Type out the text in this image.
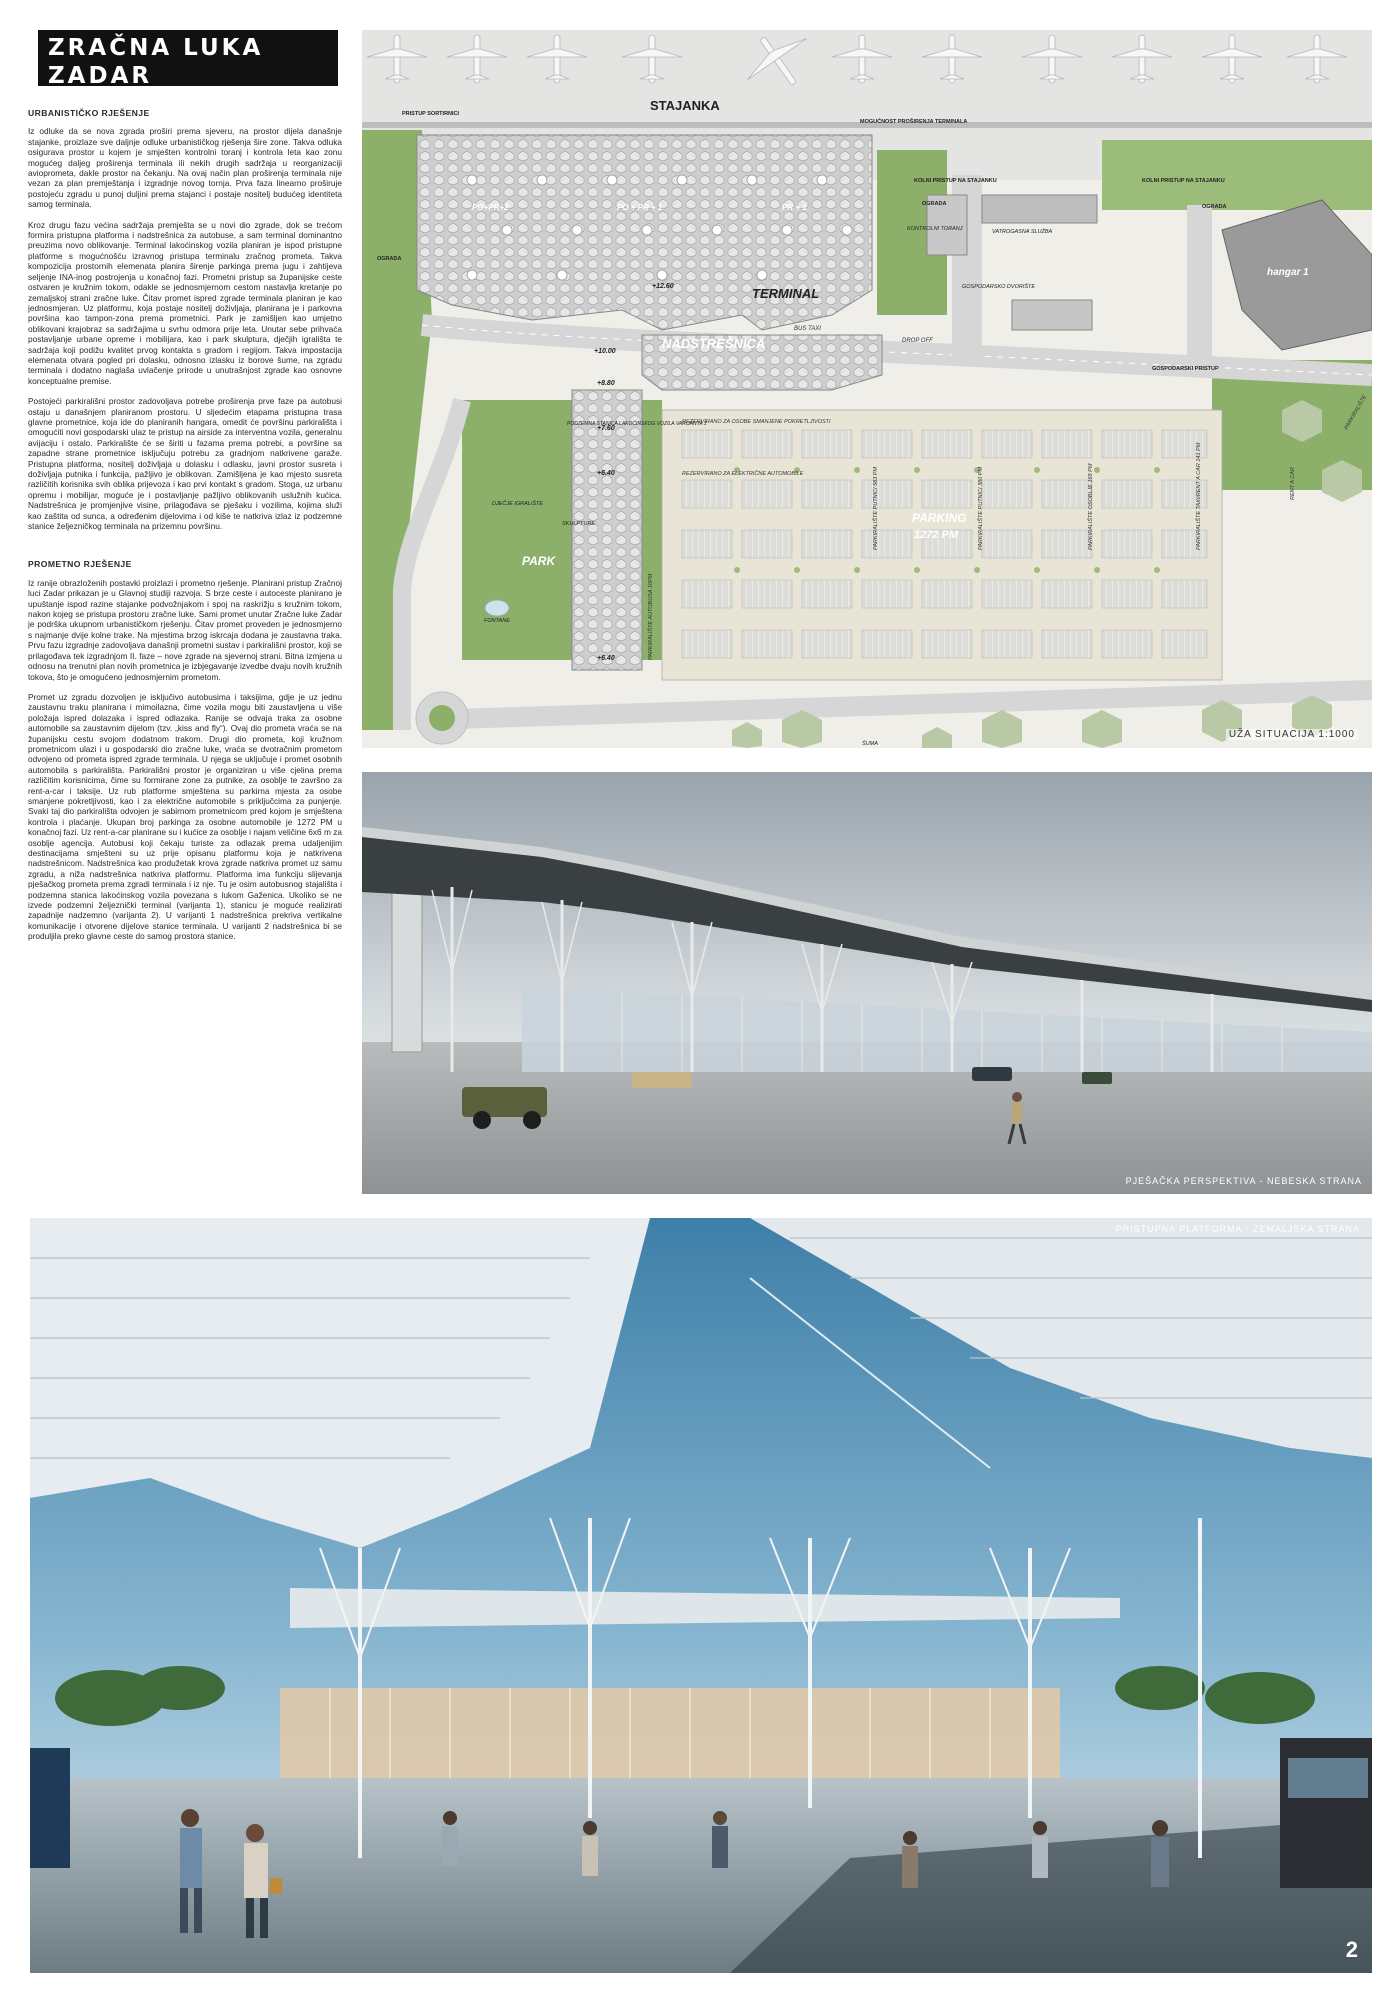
ZRAČNA LUKA ZADAR
KONAČNO RJEŠENJE
URBANISTIČKO RJEŠENJE

Iz odluke da se nova zgrada proširi prema sjeveru, na prostor dijela današnje stajanke, proizlaze sve daljnje odluke urbanističkog rješenja šire zone. Takva odluka osigurava prostor u kojem je smješten kontrolni toranj i kontrola leta kao zonu mogućeg daljeg proširenja terminala ili nekih drugih sadržaja u reorganizaciji avioprometa, dakle prostor na čekanju. Na ovaj način plan proširenja terminala nije vezan za plan premještanja i izgradnje novog tornja. Prva faza linearno proširuje postojeću zgradu u punoj duljini prema stajanci i postaje nositelj budućeg identiteta samog terminala.

Kroz drugu fazu većina sadržaja premješta se u novi dio zgrade, dok se trećom formira pristupna platforma i nadstrešnica za autobuse, a sam terminal dominantno preuzima novo oblikovanje. Terminal lakoćinskog vozila planiran je ispod pristupne platforme s mogućnošću izravnog pristupa terminalu zračnog prometa. Takva kompozicija prostornih elemenata planira širenje parkinga prema jugu i zahtijeva seljenje INA-inog postrojenja u konačnoj fazi. Prometni pristup sa županijske ceste ostvaren je kružnim tokom, odakle se jednosmjernom cestom nastavlja kretanje po zemaljskoj strani zračne luke. Čitav promet ispred zgrade terminala planiran je kao jednosmjeran. Uz platformu, koja postaje nositelj doživljaja, planirana je i parkovna površina kao tampon-zona prema prometnici. Park je zamišljen kao umjetno oblikovani krajobraz sa sadržajima u svrhu odmora prije leta. Unutar sebe prihvaća postavljanje urbane opreme i mobilijara, kao i park skulptura, dječjih igrališta te sadržaja koji podižu kvalitet prvog kontakta s gradom i regijom. Takva impostacija elemenata otvara pogled pri dolasku, odnosno izlasku iz borove šume, na zgradu terminala i dodatno naglaša uvlačenje prirode u unutrašnjost zgrade kao osnovne konceptualne premise.

Postojeći parkirališni prostor zadovoljava potrebe proširenja prve faze pa autobusi ostaju u današnjem planiranom prostoru. U sljedećim etapama pristupna trasa glavne prometnice, koja ide do planiranih hangara, omedit će površinu parkirališta i omogućiti novi gospodarski ulaz te pristup na airside za interventna vozila, generalnu avijaciju i ostalo. Parkiralište će se širiti u fazama prema potrebi, a površine sa zapadne strane prometnice isključuju potrebu za gradnjom natkrivene garaže. Pristupna platforma, nositelj doživljaja u dolasku i odlasku, javni prostor susreta i doživljaja putnika i funkcija, pažljivo je oblikovan. Zamišljena je kao mjesto susreta različitih korisnika svih oblika prijevoza i kao prvi kontakt s gradom. Stoga, uz urbanu opremu i mobilijar, moguće je i postavljanje pažljivo oblikovanih uslužnih kućica. Nadstrešnica je promjenjive visine, prilagođava se pješaku i vozilima, kojima služi kao zaštita od sunca, a određenim dijelovima i od kiše te natkriva izlaz iz podzemne stanice željezničkog terminala na prizemnu površinu.

PROMETNO RJEŠENJE

Iz ranije obrazloženih postavki proizlazi i prometno rješenje. Planirani pristup Zračnoj luci Zadar prikazan je u Glavnoj studiji razvoja. S brze ceste i autoceste planirano je upuštanje ispod razine stajanke podvožnjakom i spoj na raskrižju s kružnim tokom, nakon kojeg se pristupa prostoru zračne luke. Sami promet unutar Zračne luke Zadar je podrška ukupnom urbanističkom rješenju. Čitav promet proveden je jednosmjerno s najmanje dvije kolne trake. Na mjestima brzog iskrcaja dodana je zaustavna traka. Prvu fazu izgradnje zadovoljava današnji prometni sustav i parkirališni prostor, koji se prilagođava tek izgradnjom II. faze – nove zgrade na sjevernoj strani. Bitna izmjena u odnosu na trenutni plan novih prometnica je izbjegavanje izvedbe dvaju novih kružnih tokova, što je omogućeno jednosmjernim prometom.

Promet uz zgradu dozvoljen je isključivo autobusima i taksijima, gdje je uz jednu zaustavnu traku planirana i mimoilazna, čime vozila mogu biti zaustavljena u više položaja ispred dolazaka i ispred odlazaka. Ranije se odvaja traka za osobne automobile sa zaustavnim dijelom (tzv. „kiss and fly“). Ovaj dio prometa vraća se na županijsku cestu svojom dodatnom trakom. Drugi dio prometa, koji kružnom prometnicom ulazi i u gospodarski dio zračne luke, vraća se dvotračnim prometom odvojeno od prometa ispred zgrade terminala. U njega se uključuje i promet osobnih automobila s parkirališta. Parkirališni prostor je organiziran u više cjelina prema različitim korisnicima, čime su formirane zone za putnike, za osoblje te završno za rent-a-car i taksije. Uz rub platforme smještena su parkirna mjesta za osobe smanjene pokretljivosti, kao i za električne automobile s priključcima za punjenje. Svaki taj dio parkirališta odvojen je sabirnom prometnicom pred kojom je smještena kontrola i plaćanje. Ukupan broj parkinga za osobne automobile je 1272 PM u konačnoj fazi. Uz rent-a-car planirane su i kućice za osoblje i najam veličine 6x6 m za osoblje agencija. Autobusi koji čekaju turiste za odlazak prema udaljenijim destinacijama smješteni su uz prije opisanu platformu koja je natkrivena nadstrešnicom. Nadstrešnica kao produžetak krova zgrade natkriva promet uz samu zgradu, a niža nadstrešnica natkriva platformu. Platforma ima funkciju slijevanja pješačkog prometa prema zgradi terminala i iz nje. Tu je osim autobusnog stajališta i podzemna stanica lakoćinskog vozila povezana s lukom Gaženica. Ukoliko se ne izvede podzemni željeznički terminal (varijanta 1), stanicu je moguće realizirati zapadnije nadzemno (varijanta 2). U varijanti 1 nadstrešnica prekriva vertikalne komunikacije i otvorene dijelove stanice terminala. U varijanti 2 nadstrešnica bi se produljila preko glavne ceste do samog prostora stanice.

STAJANKA
PO+PR+2	PO + PR + 1	PR + 1
TERMINAL
+12.60
NADSTREŠNICA
BUS TAXI
DROP OFF
+10.00
+8.80
+7.60
+6.40
+6.40
PARKING
1272 PM
REZERVIRANO ZA OSOBE SMANJENE POKRETLJIVOSTI
REZERVIRANO ZA ELEKTRIČNE AUTOMOBILE
PARKIRALIŠTE AUTOBUSA 10PM
PARKIRALIŠTE PUTNICI 583 PM	PARKIRALIŠTE PUTNICI 380 PM	PARKIRALIŠTE OSOBLJE 168 PM	PARKIRALIŠTE TAXI/RENT A CAR 141 PM	RENT A CAR
PARKIRALIŠTE
PARK
DJEČJE IGRALIŠTE
SKULPTURE
FONTANE
PODZEMNA STANICA LAKOĆINSKOG VOZILA VARIJANTA 1
VATROGASNA SLUŽBA
KONTROLNI TORANJ
GOSPODARSKO DVORIŠTE
hangar 1
PRISTUP SORTIRNICI
MOGUĆNOST PROŠIRENJA TERMINALA
KOLNI PRISTUP NA STAJANKU	KOLNI PRISTUP NA STAJANKU
GOSPODARSKI PRISTUP
OGRADA
OGRADA	OGRADA
ŠUMA
UŽA SITUACIJA 1:1000
PJEŠAČKA PERSPEKTIVA - NEBESKA STRANA
PRISTUPNA PLATFORMA - ZEMALJSKA STRANA
2
